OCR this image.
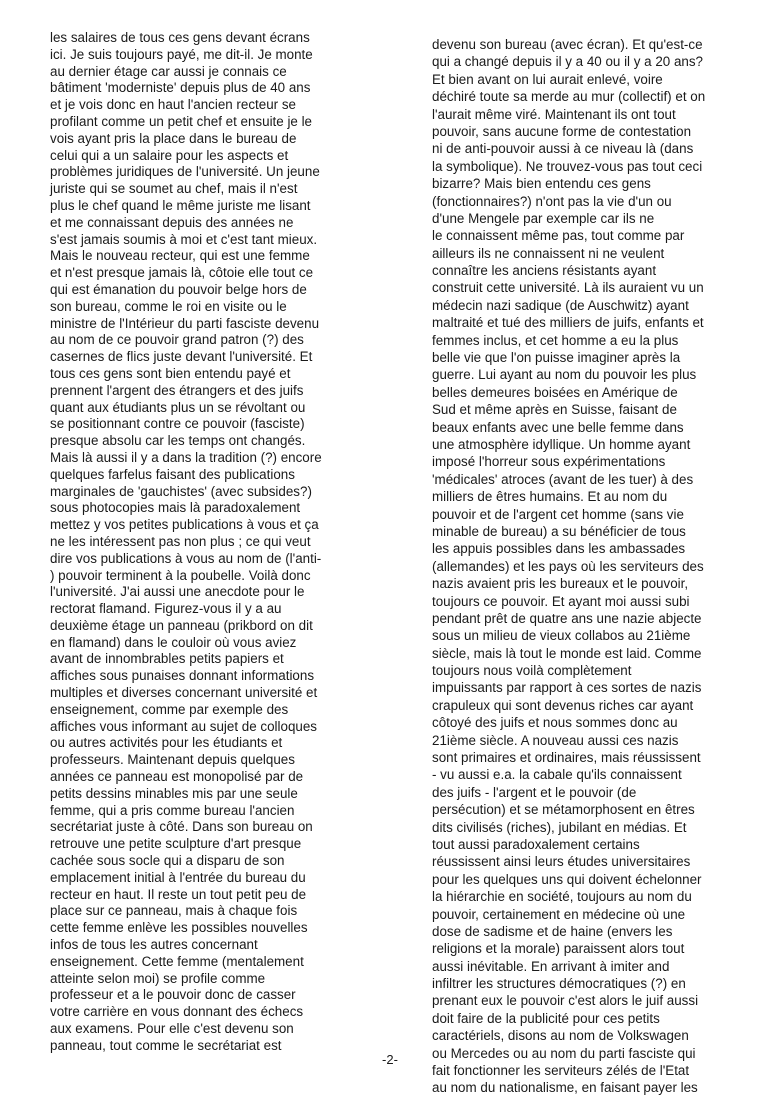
les salaires de tous ces gens devant écrans
ici. Je suis toujours payé, me dit-il. Je monte
au dernier étage car aussi je connais ce
bâtiment 'moderniste' depuis plus de 40 ans
et je vois donc en haut l'ancien recteur se
profilant comme un petit chef et ensuite je le
vois ayant pris la place dans le bureau de
celui qui a un salaire pour les aspects et
problèmes juridiques de l'université. Un jeune
juriste qui se soumet au chef, mais il n'est
plus le chef quand le même juriste me lisant
et me connaissant depuis des années ne
s'est jamais soumis à moi et c'est tant mieux.
Mais le nouveau recteur, qui est une femme
et n'est presque jamais là, côtoie elle tout ce
qui est émanation du pouvoir belge hors de
son bureau, comme le roi en visite ou le
ministre de l'Intérieur du parti fasciste devenu
au nom de ce pouvoir grand patron (?) des
casernes de flics juste devant l'université. Et
tous ces gens sont bien entendu payé et
prennent l'argent des étrangers et des juifs
quant aux étudiants plus un se révoltant ou
se positionnant contre ce pouvoir (fasciste)
presque absolu car les temps ont changés.
Mais là aussi il y a dans la tradition (?) encore
quelques farfelus faisant des publications
marginales de 'gauchistes' (avec subsides?)
sous photocopies mais là paradoxalement
mettez y vos petites publications à vous et ça
ne les intéressent pas non plus ; ce qui veut
dire vos publications à vous au nom de (l'anti-
) pouvoir terminent à la poubelle. Voilà donc
l'université. J'ai aussi une anecdote pour le
rectorat flamand. Figurez-vous il y a au
deuxième étage un panneau (prikbord on dit
en flamand) dans le couloir où vous aviez
avant de innombrables petits papiers et
affiches sous punaises donnant informations
multiples et diverses concernant université et
enseignement, comme par exemple des
affiches vous informant au sujet de colloques
ou autres activités pour les étudiants et
professeurs. Maintenant depuis quelques
années ce panneau est monopolisé par de
petits dessins minables mis par une seule
femme, qui a pris comme bureau l'ancien
secrétariat juste à côté. Dans son bureau on
retrouve une petite sculpture d'art presque
cachée sous socle qui a disparu de son
emplacement initial à l'entrée du bureau du
recteur en haut. Il reste un tout petit peu de
place sur ce panneau, mais à chaque fois
cette femme enlève les possibles nouvelles
infos de tous les autres concernant
enseignement. Cette femme (mentalement
atteinte selon moi) se profile comme
professeur et a le pouvoir donc de casser
votre carrière en vous donnant des échecs
aux examens. Pour elle c'est devenu son
panneau, tout comme le secrétariat est
devenu son bureau (avec écran). Et qu'est-ce
qui a changé depuis il y a 40 ou il y a 20 ans?
Et bien avant on lui aurait enlevé, voire
déchiré toute sa merde au mur (collectif) et on
l'aurait même viré. Maintenant ils ont tout
pouvoir, sans aucune forme de contestation
ni de anti-pouvoir aussi à ce niveau là (dans
la symbolique). Ne trouvez-vous pas tout ceci
bizarre? Mais bien entendu ces gens
(fonctionnaires?) n'ont pas la vie d'un ou
d'une Mengele par exemple car ils ne
le connaissent même pas, tout comme par
ailleurs ils ne connaissent ni ne veulent
connaître les anciens résistants ayant
construit cette université. Là ils auraient vu un
médecin nazi sadique (de Auschwitz) ayant
maltraité et tué des milliers de juifs, enfants et
femmes inclus, et cet homme a eu la plus
belle vie que l'on puisse imaginer après la
guerre. Lui ayant au nom du pouvoir les plus
belles demeures boisées en Amérique de
Sud et même après en Suisse, faisant de
beaux enfants avec une belle femme dans
une atmosphère idyllique. Un homme ayant
imposé l'horreur sous expérimentations
'médicales' atroces (avant de les tuer) à des
milliers de êtres humains. Et au nom du
pouvoir et de l'argent cet homme (sans vie
minable de bureau) a su bénéficier de tous
les appuis possibles dans les ambassades
(allemandes) et les pays où les serviteurs des
nazis avaient pris les bureaux et le pouvoir,
toujours ce pouvoir. Et ayant moi aussi subi
pendant prêt de quatre ans une nazie abjecte
sous un milieu de vieux collabos au 21ième
siècle, mais là tout le monde est laid. Comme
toujours nous voilà complètement
impuissants par rapport à ces sortes de nazis
crapuleux qui sont devenus riches car ayant
côtoyé des juifs et nous sommes donc au
21ième siècle. A nouveau aussi ces nazis
sont primaires et ordinaires, mais réussissent
- vu aussi e.a. la cabale qu'ils connaissent
des juifs - l'argent et le pouvoir (de
persécution) et se métamorphosent en êtres
dits civilisés (riches), jubilant en médias. Et
tout aussi paradoxalement certains
réussissent ainsi leurs études universitaires
pour les quelques uns qui doivent échelonner
la hiérarchie en société, toujours au nom du
pouvoir, certainement en médecine où une
dose de sadisme et de haine (envers les
religions et la morale) paraissent alors tout
aussi inévitable. En arrivant à imiter and
infiltrer les structures démocratiques (?) en
prenant eux le pouvoir c'est alors le juif aussi
doit faire de la publicité pour ces petits
caractériels, disons au nom de Volkswagen
ou Mercedes ou au nom du parti fasciste qui
fait fonctionner les serviteurs zélés de l'Etat
au nom du nationalisme, en faisant payer les
-2-
